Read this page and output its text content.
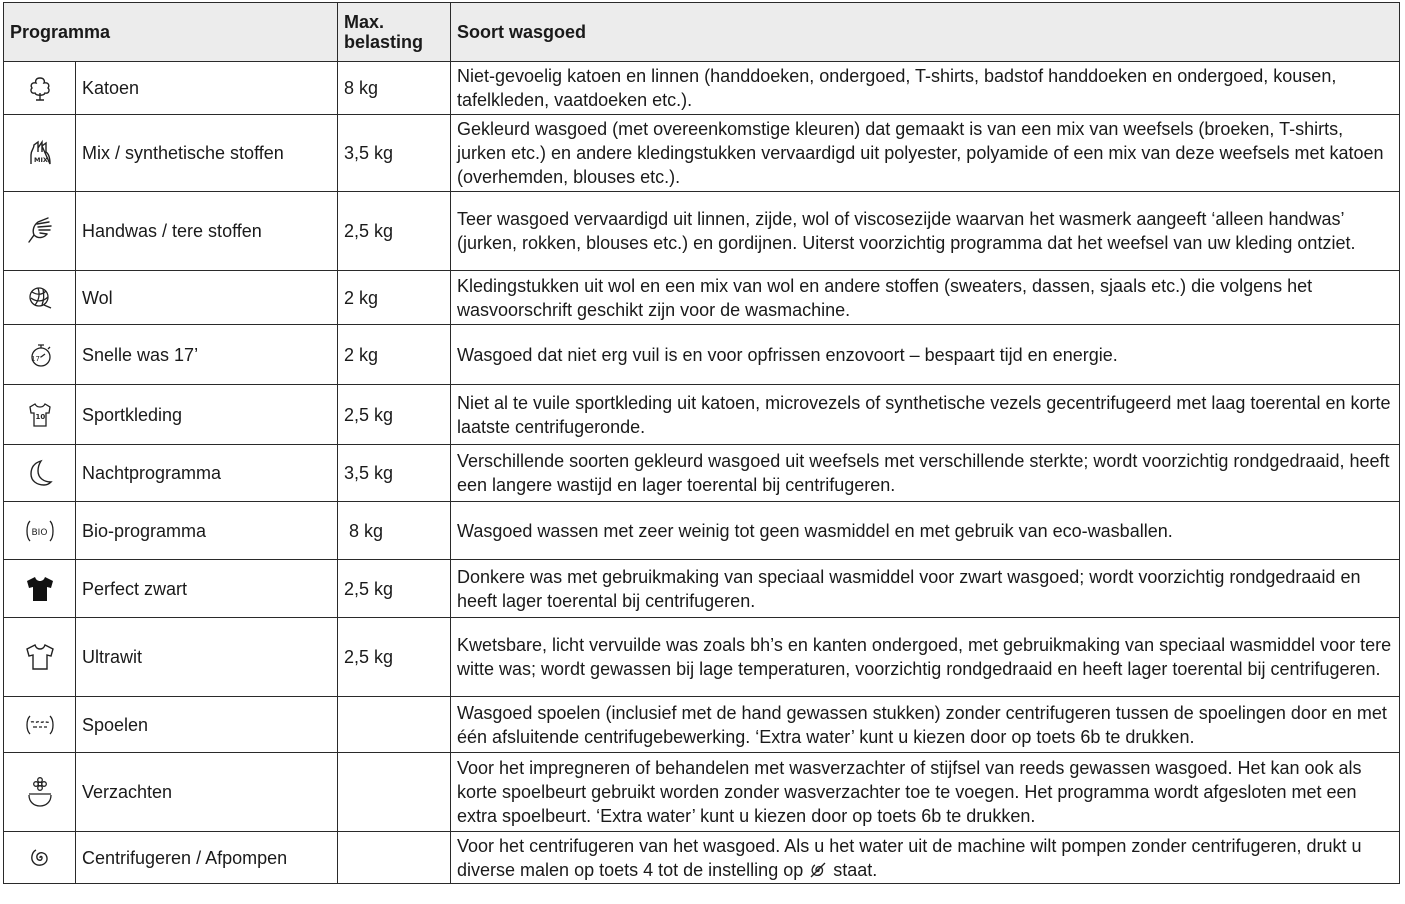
Programma		Max. belasting	Soort wasgoed

	Katoen	8 kg	Niet-gevoelig katoen en linnen (handdoeken, ondergoed, T-shirts, badstof handdoeken en ondergoed, kousen, tafelkleden, vaatdoeken etc.).

MIX	Mix / synthetische stoffen	3,5 kg	Gekleurd wasgoed (met overeenkomstige kleuren) dat gemaakt is van een mix van weefsels (broeken, T-shirts, jurken etc.) en andere kledingstukken vervaardigd uit polyester, polyamide of een mix van deze weefsels met katoen (overhemden, blouses etc.).

	Handwas / tere stoffen	2,5 kg	Teer wasgoed vervaardigd uit linnen, zijde, wol of viscosezijde waarvan het wasmerk aangeeft ‘alleen handwas’ (jurken, rokken, blouses etc.) en gordijnen. Uiterst voorzichtig programma dat het weefsel van uw kleding ontziet.

	Wol	2 kg	Kledingstukken uit wol en een mix van wol en andere stoffen (sweaters, dassen, sjaals etc.) die volgens het wasvoorschrift geschikt zijn voor de wasmachine.

17'	Snelle was 17’	2 kg	Wasgoed dat niet erg vuil is en voor opfrissen enzovoort – bespaart tijd en energie.

10	Sportkleding	2,5 kg	Niet al te vuile sportkleding uit katoen, microvezels of synthetische vezels gecentrifugeerd met laag toerental en korte laatste centrifugeronde.

	Nachtprogramma	3,5 kg	Verschillende soorten gekleurd wasgoed uit weefsels met verschillende sterkte; wordt voorzichtig rondgedraaid, heeft een langere wastijd en lager toerental bij centrifugeren.

BIO	Bio-programma	8 kg	Wasgoed wassen met zeer weinig tot geen wasmiddel en met gebruik van eco-wasballen.

	Perfect zwart	2,5 kg	Donkere was met gebruikmaking van speciaal wasmiddel voor zwart wasgoed; wordt voorzichtig rondgedraaid en heeft lager toerental bij centrifugeren.

	Ultrawit	2,5 kg	Kwetsbare, licht vervuilde was zoals bh’s en kanten ondergoed, met gebruikmaking van speciaal wasmiddel voor tere witte was; wordt gewassen bij lage temperaturen, voorzichtig rondgedraaid en heeft lager toerental bij centrifugeren.

	Spoelen		Wasgoed spoelen (inclusief met de hand gewassen stukken) zonder centrifugeren tussen de spoelingen door en met één afsluitende centrifugebewerking. ‘Extra water’ kunt u kiezen door op toets 6b te drukken.

	Verzachten		Voor het impregneren of behandelen met wasverzachter of stijfsel van reeds gewassen wasgoed. Het kan ook als korte spoelbeurt gebruikt worden zonder wasverzachter toe te voegen. Het programma wordt afgesloten met een extra spoelbeurt. ‘Extra water’ kunt u kiezen door op toets 6b te drukken.

	Centrifugeren / Afpompen		Voor het centrifugeren van het wasgoed. Als u het water uit de machine wilt pompen zonder centrifugeren, drukt u diverse malen op toets 4 tot de instelling op  staat.
